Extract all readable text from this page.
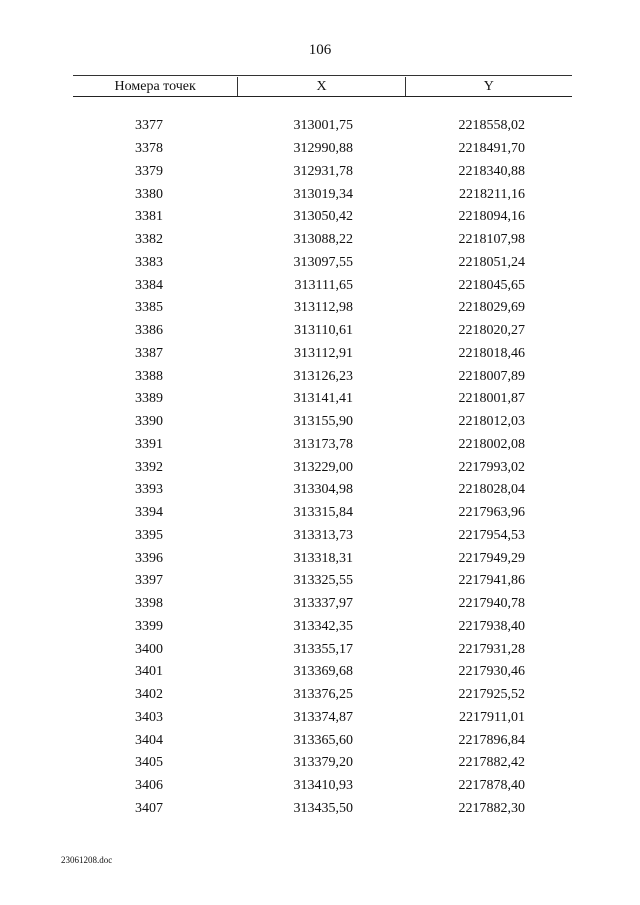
106
Номера точек	X	Y
3377	313001,75	2218558,02
3378	312990,88	2218491,70
3379	312931,78	2218340,88
3380	313019,34	2218211,16
3381	313050,42	2218094,16
3382	313088,22	2218107,98
3383	313097,55	2218051,24
3384	313111,65	2218045,65
3385	313112,98	2218029,69
3386	313110,61	2218020,27
3387	313112,91	2218018,46
3388	313126,23	2218007,89
3389	313141,41	2218001,87
3390	313155,90	2218012,03
3391	313173,78	2218002,08
3392	313229,00	2217993,02
3393	313304,98	2218028,04
3394	313315,84	2217963,96
3395	313313,73	2217954,53
3396	313318,31	2217949,29
3397	313325,55	2217941,86
3398	313337,97	2217940,78
3399	313342,35	2217938,40
3400	313355,17	2217931,28
3401	313369,68	2217930,46
3402	313376,25	2217925,52
3403	313374,87	2217911,01
3404	313365,60	2217896,84
3405	313379,20	2217882,42
3406	313410,93	2217878,40
3407	313435,50	2217882,30
23061208.doc
